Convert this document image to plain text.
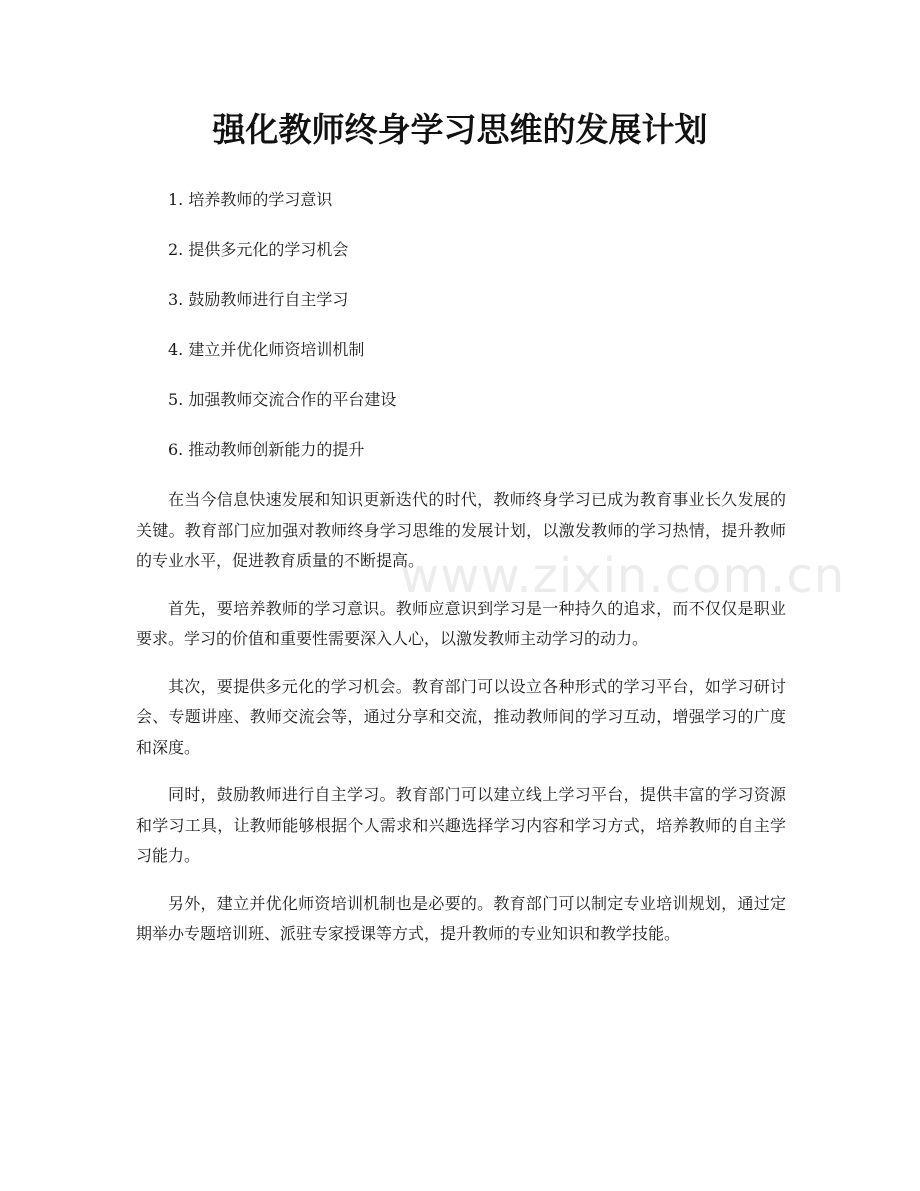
强化教师终身学习思维的发展计划
1. 培养教师的学习意识
2. 提供多元化的学习机会
3. 鼓励教师进行自主学习
4. 建立并优化师资培训机制
5. 加强教师交流合作的平台建设
6. 推动教师创新能力的提升

在当今信息快速发展和知识更新迭代的时代，教师终身学习已成为教育事业长久发展的关键。教育部门应加强对教师终身学习思维的发展计划，以激发教师的学习热情，提升教师的专业水平，促进教育质量的不断提高。

首先，要培养教师的学习意识。教师应意识到学习是一种持久的追求，而不仅仅是职业要求。学习的价值和重要性需要深入人心，以激发教师主动学习的动力。

其次，要提供多元化的学习机会。教育部门可以设立各种形式的学习平台，如学习研讨会、专题讲座、教师交流会等，通过分享和交流，推动教师间的学习互动，增强学习的广度和深度。

同时，鼓励教师进行自主学习。教育部门可以建立线上学习平台，提供丰富的学习资源和学习工具，让教师能够根据个人需求和兴趣选择学习内容和学习方式，培养教师的自主学习能力。

另外，建立并优化师资培训机制也是必要的。教育部门可以制定专业培训规划，通过定期举办专题培训班、派驻专家授课等方式，提升教师的专业知识和教学技能。

www.zixin.com.cn
